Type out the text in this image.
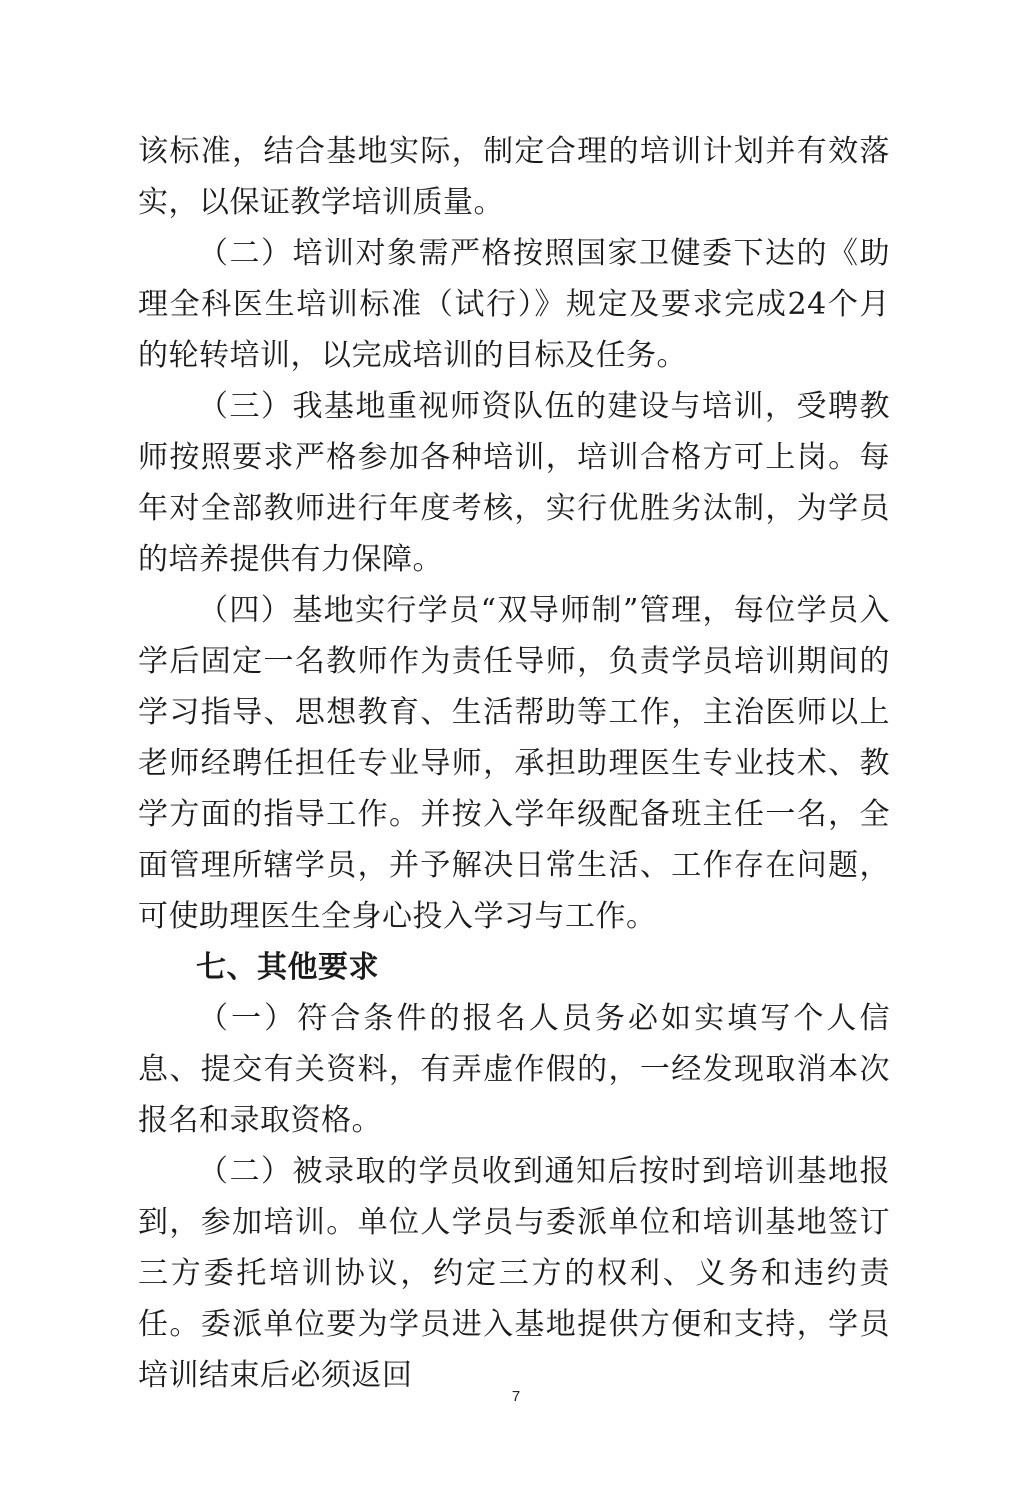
该标准，结合基地实际，制定合理的培训计划并有效落实，以保证教学培训质量。

（二）培训对象需严格按照国家卫健委下达的《助理全科医生培训标准（试行）》规定及要求完成24个月的轮转培训，以完成培训的目标及任务。

（三）我基地重视师资队伍的建设与培训，受聘教师按照要求严格参加各种培训，培训合格方可上岗。每年对全部教师进行年度考核，实行优胜劣汰制，为学员的培养提供有力保障。

（四）基地实行学员“双导师制”管理，每位学员入学后固定一名教师作为责任导师，负责学员培训期间的学习指导、思想教育、生活帮助等工作，主治医师以上老师经聘任担任专业导师，承担助理医生专业技术、教学方面的指导工作。并按入学年级配备班主任一名，全面管理所辖学员，并予解决日常生活、工作存在问题，可使助理医生全身心投入学习与工作。

七、其他要求

（一）符合条件的报名人员务必如实填写个人信息、提交有关资料，有弄虚作假的，一经发现取消本次报名和录取资格。

（二）被录取的学员收到通知后按时到培训基地报到，参加培训。单位人学员与委派单位和培训基地签订三方委托培训协议，约定三方的权利、义务和违约责任。委派单位要为学员进入基地提供方便和支持，学员培训结束后必须返回

7
